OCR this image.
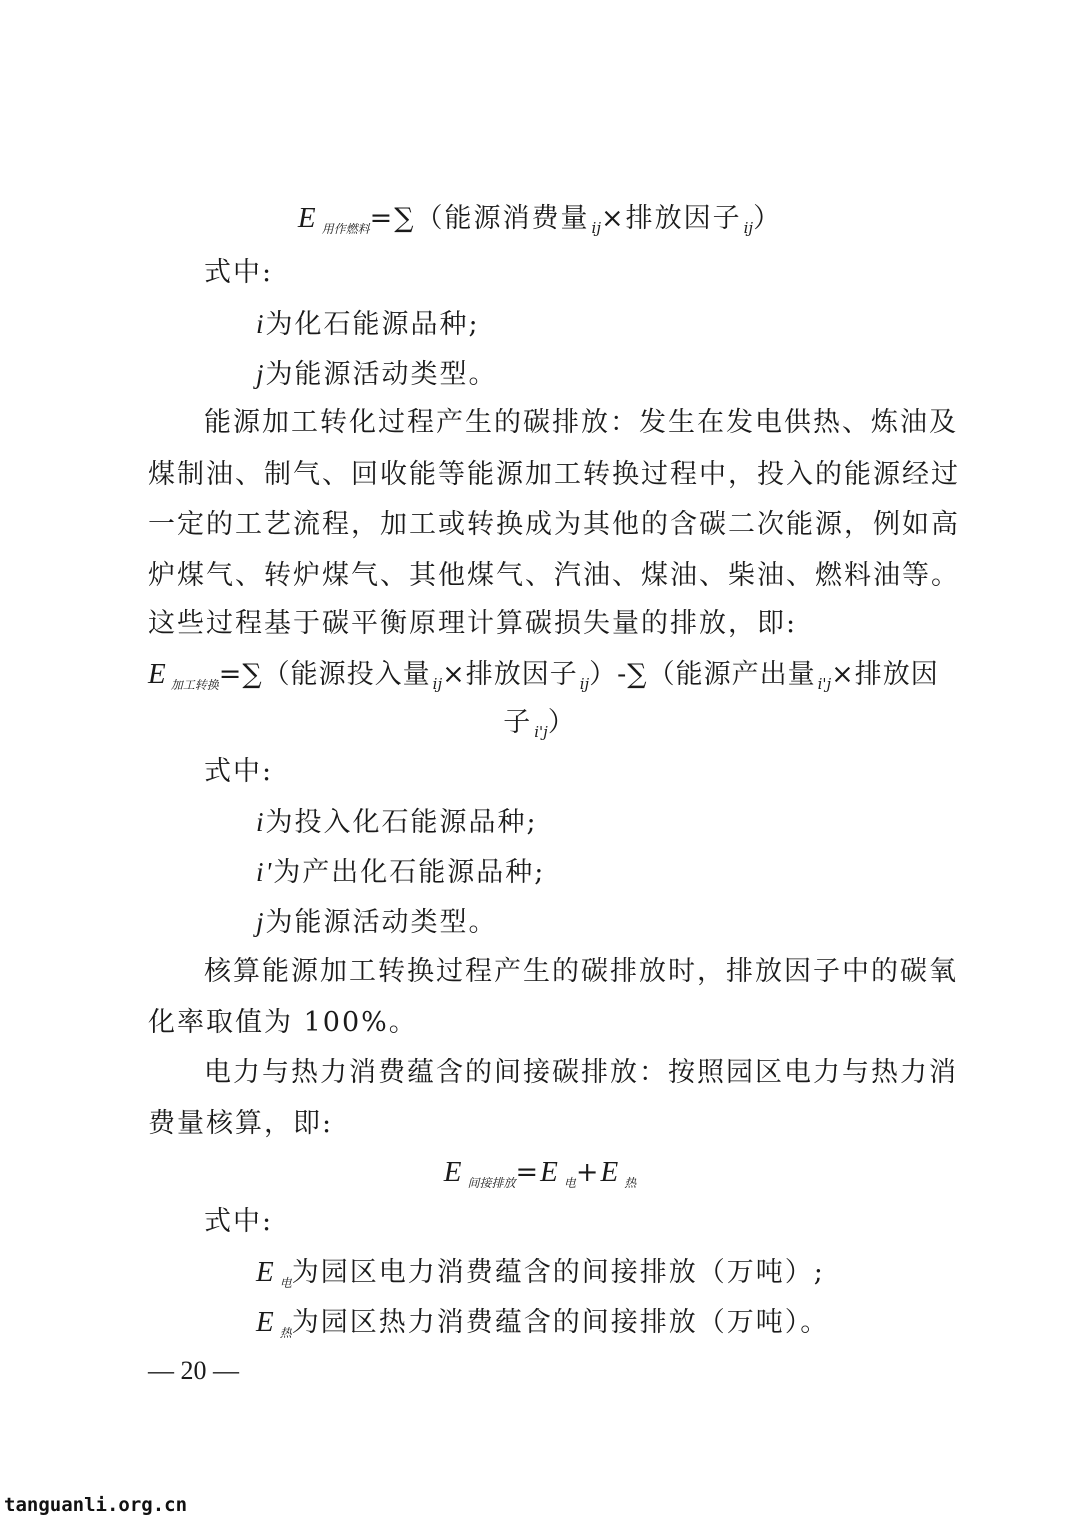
E $_{用作燃料}$=∑（能源消费量 $_{ij}$×排放因子 $_{ij}$）
式中:
i为化石能源品种;
j为能源活动类型。
能源加工转化过程产生的碳排放：发生在发电供热、炼油及
煤制油、制气、回收能等能源加工转换过程中，投入的能源经过
一定的工艺流程，加工或转换成为其他的含碳二次能源，例如高
炉煤气、转炉煤气、其他煤气、汽油、煤油、柴油、燃料油等。
这些过程基于碳平衡原理计算碳损失量的排放，即:
E $_{加工转换}$=∑（能源投入量 $_{ij}$×排放因子 $_{ij}$）-∑（能源产出量 $_{i'j}$×排放因
子 $_{i'j}$）
式中:
i为投入化石能源品种;
i'为产出化石能源品种;
j为能源活动类型。
核算能源加工转换过程产生的碳排放时，排放因子中的碳氧
化率取值为 100%。
电力与热力消费蕴含的间接碳排放：按照园区电力与热力消
费量核算，即:
E $_{间接排放}$=E $_电$+E $_热$
式中:
E $_电$为园区电力消费蕴含的间接排放（万吨）;
E $_热$为园区热力消费蕴含的间接排放（万吨）。
— 20 —
tanguanli.org.cn
